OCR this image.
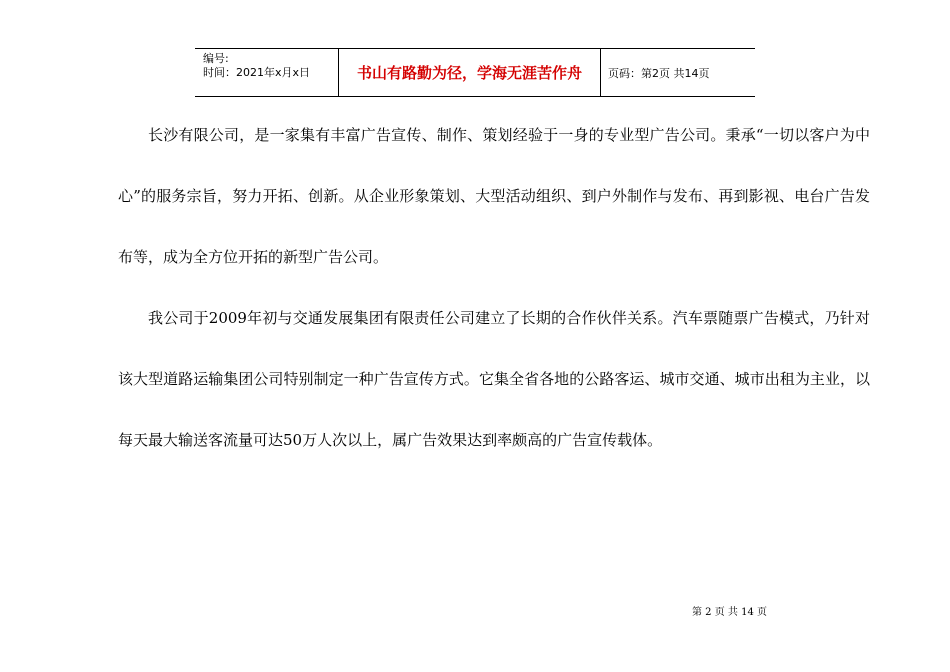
编号:
时间：2021年x月x日	书山有路勤为径，学海无涯苦作舟	页码：第2页 共14页

长沙有限公司，是一家集有丰富广告宣传、制作、策划经验于一身的专业型广告公司。秉承“一切以客户为中心”的服务宗旨，努力开拓、创新。从企业形象策划、大型活动组织、到户外制作与发布、再到影视、电台广告发布等，成为全方位开拓的新型广告公司。

我公司于2009年初与交通发展集团有限责任公司建立了长期的合作伙伴关系。汽车票随票广告模式，乃针对该大型道路运输集团公司特别制定一种广告宣传方式。它集全省各地的公路客运、城市交通、城市出租为主业，以每天最大输送客流量可达50万人次以上，属广告效果达到率颇高的广告宣传载体。

第 2 页 共 14 页
